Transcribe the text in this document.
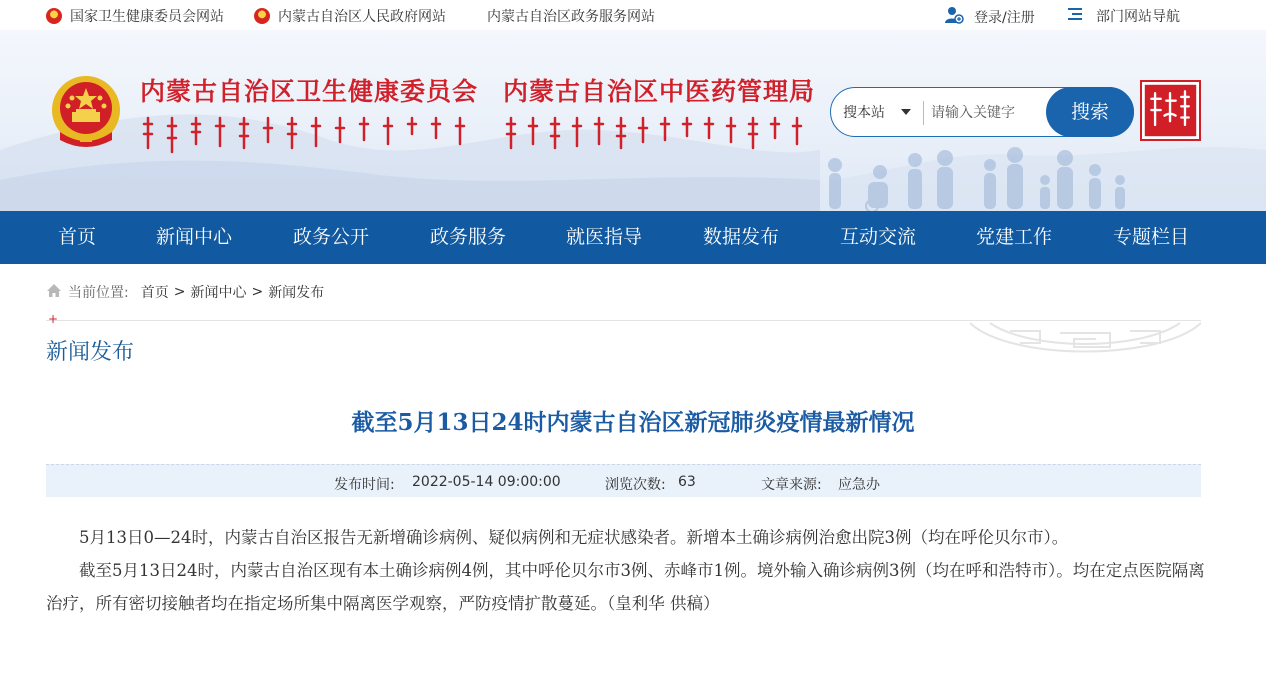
国家卫生健康委员会网站	内蒙古自治区人民政府网站	内蒙古自治区政务服务网站	登录/注册	部门网站导航
内蒙古自治区卫生健康委员会 内蒙古自治区中医药管理局
搜本站
请输入关键字	搜索
首页	新闻中心	政务公开	政务服务	就医指导	数据发布	互动交流	党建工作	专题栏目
当前位置: 首页 > 新闻中心 > 新闻发布
+
新闻发布
截至5月13日24时内蒙古自治区新冠肺炎疫情最新情况
发布时间: 2022-05-14 09:00:00	浏览次数: 63	文章来源: 应急办

5月13日0—24时，内蒙古自治区报告无新增确诊病例、疑似病例和无症状感染者。新增本土确诊病例治愈出院3例（均在呼伦贝尔市）。

截至5月13日24时，内蒙古自治区现有本土确诊病例4例，其中呼伦贝尔市3例、赤峰市1例。境外输入确诊病例3例（均在呼和浩特市）。均在定点医院隔离治疗，所有密切接触者均在指定场所集中隔离医学观察，严防疫情扩散蔓延。（皇利华 供稿）
